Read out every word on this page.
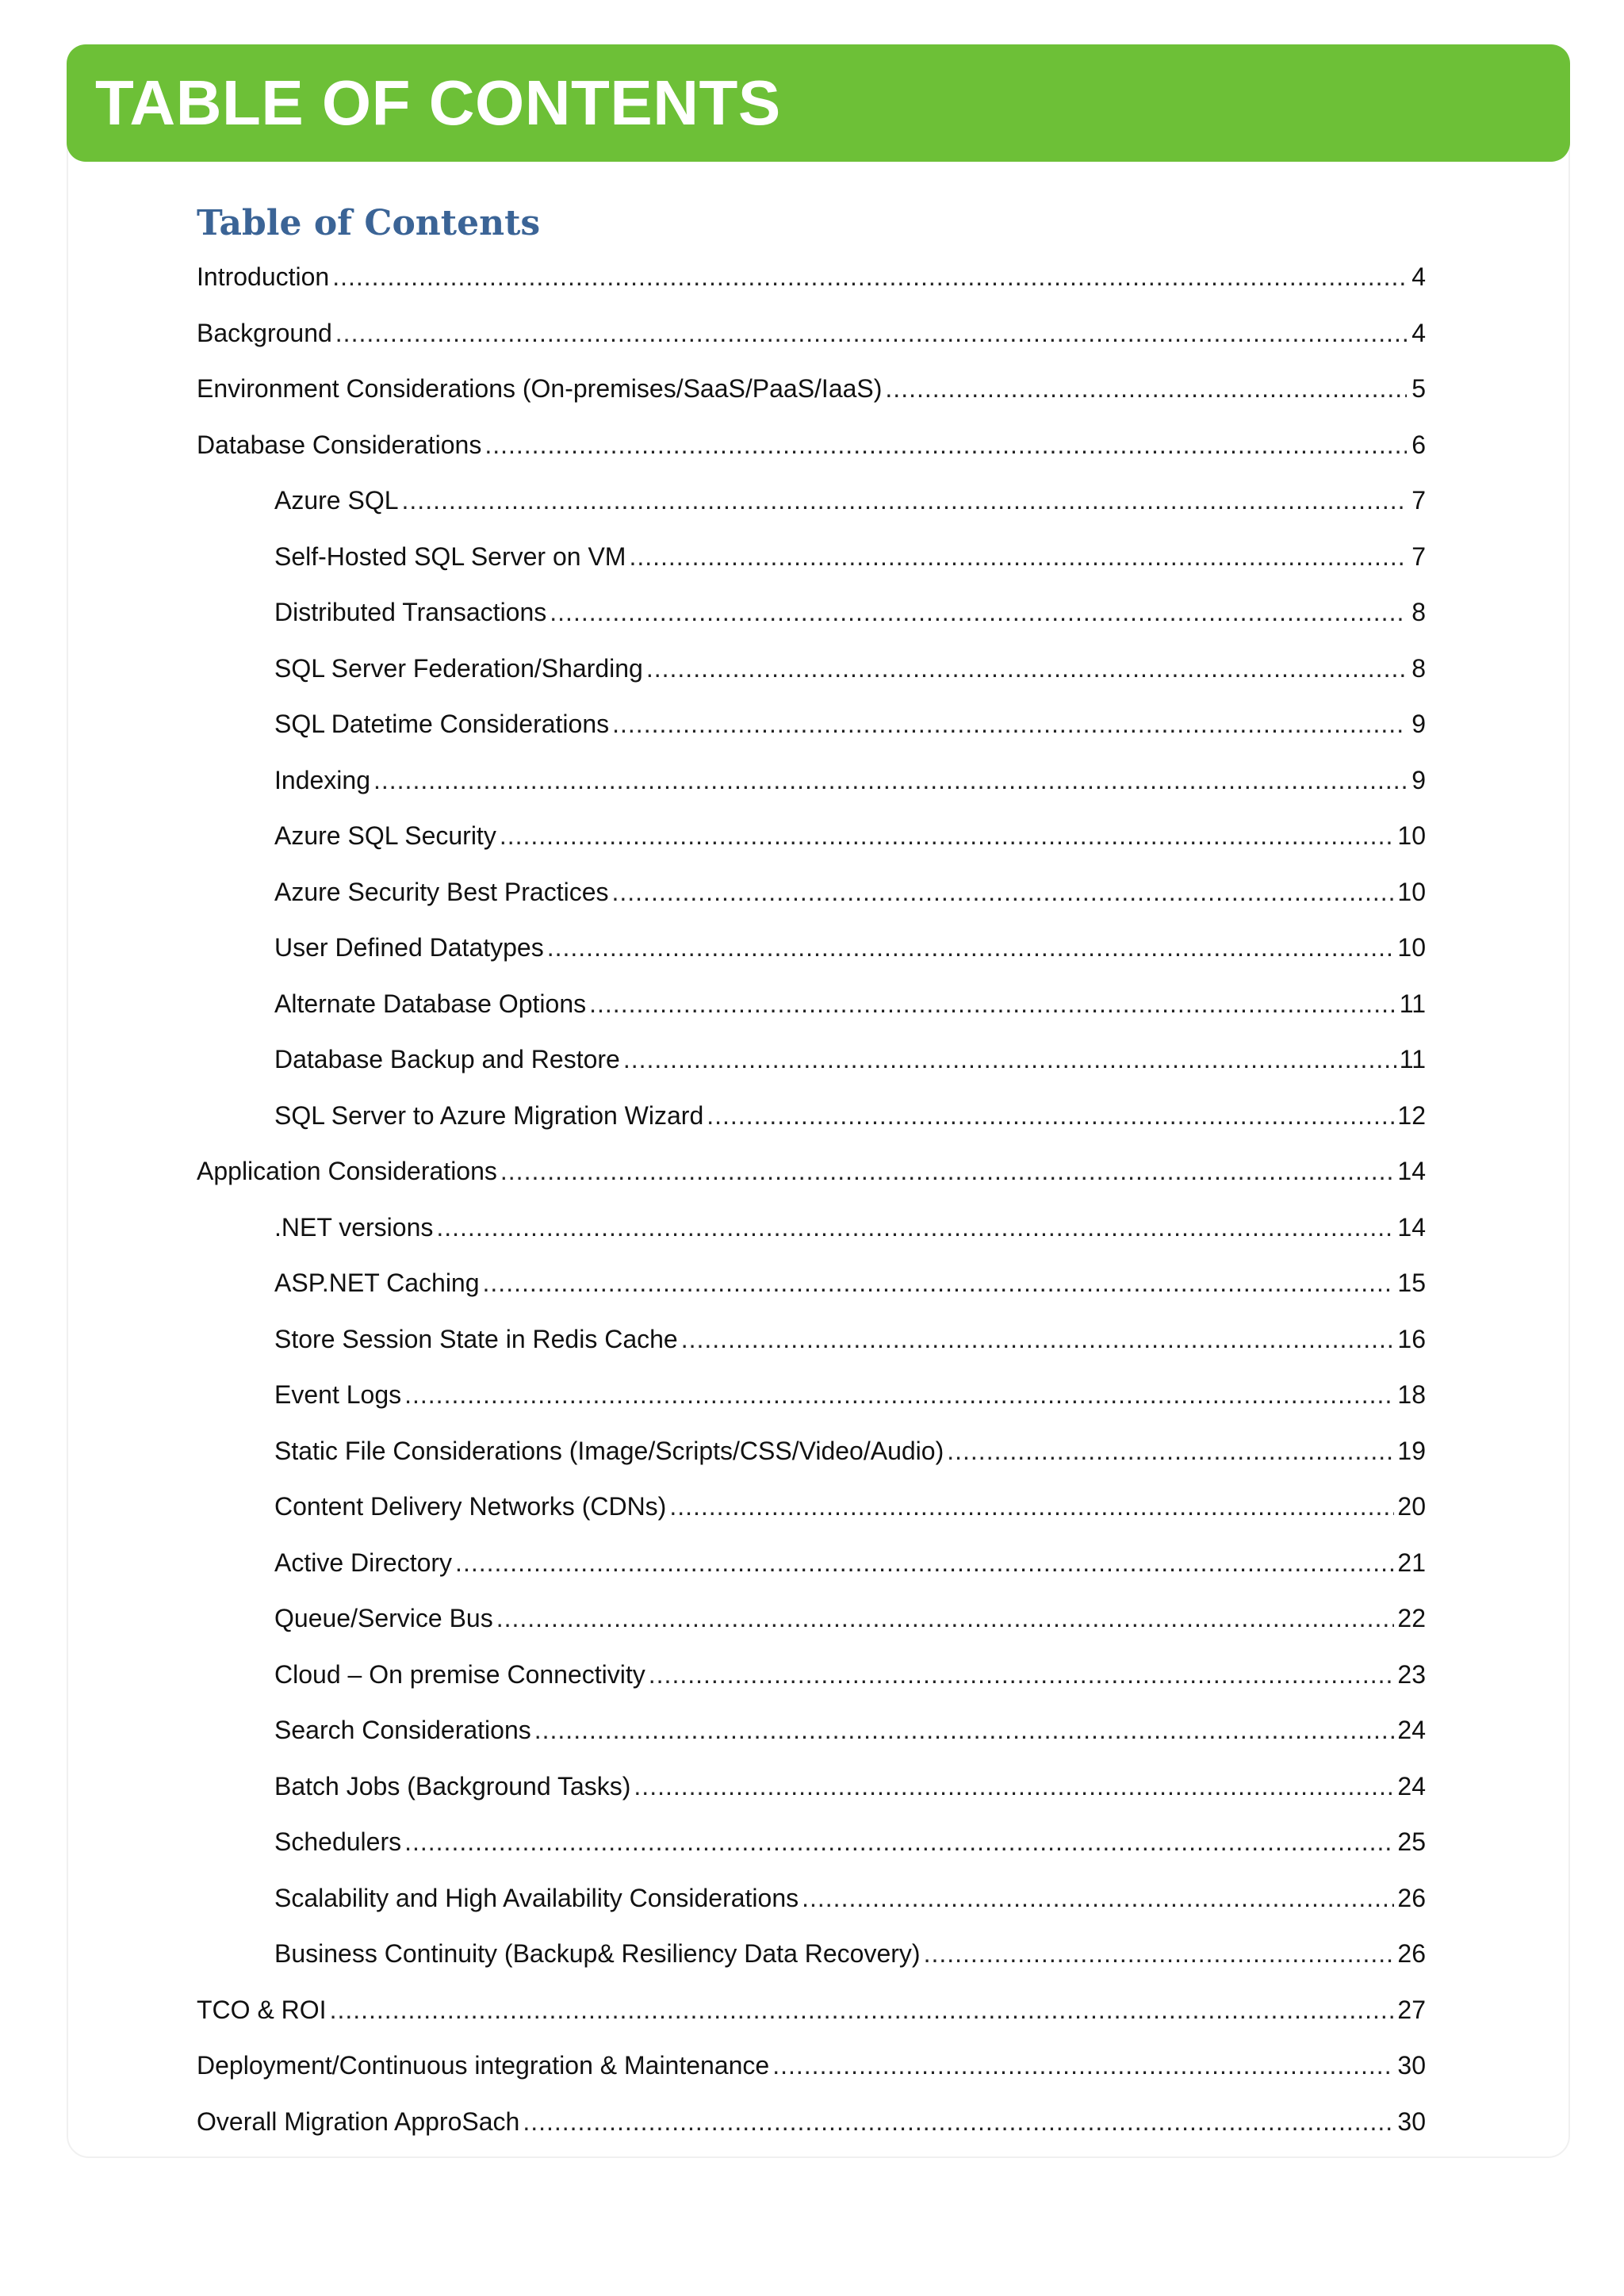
TABLE OF CONTENTS
Table of Contents
Introduction .....	4
Background .....	4
Environment Considerations (On-premises/SaaS/PaaS/IaaS) .....	5
Database Considerations .....	6
Azure SQL .....	7
Self-Hosted SQL Server on VM .....	7
Distributed Transactions .....	8
SQL Server Federation/Sharding .....	8
SQL Datetime Considerations .....	9
Indexing .....	9
Azure SQL Security .....	10
Azure Security Best Practices .....	10
User Defined Datatypes .....	10
Alternate Database Options .....	11
Database Backup and Restore .....	11
SQL Server to Azure Migration Wizard .....	12
Application Considerations .....	14
.NET versions .....	14
ASP.NET Caching .....	15
Store Session State in Redis Cache .....	16
Event Logs .....	18
Static File Considerations (Image/Scripts/CSS/Video/Audio) .....	19
Content Delivery Networks (CDNs) .....	20
Active Directory .....	21
Queue/Service Bus .....	22
Cloud – On premise Connectivity .....	23
Search Considerations .....	24
Batch Jobs (Background Tasks) .....	24
Schedulers .....	25
Scalability and High Availability Considerations .....	26
Business Continuity (Backup& Resiliency Data Recovery) .....	26
TCO & ROI .....	27
Deployment/Continuous integration & Maintenance .....	30
Overall Migration ApproSach .....	30
